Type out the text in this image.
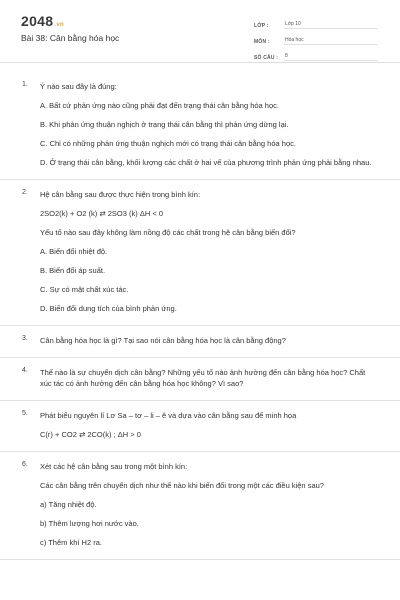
2048.vn
Bài 38: Cân bằng hóa học
LỚP :	Lớp 10
MÔN :	Hóa học
SỐ CÂU :	8
1. Ý nào sau đây là đúng:
A. Bất cứ phản ứng nào cũng phải đạt đến trạng thái cân bằng hóa học.
B. Khi phản ứng thuận nghịch ở trạng thái cân bằng thì phản ứng dừng lại.
C. Chỉ có những phản ứng thuận nghịch mới có trạng thái cân bằng hóa học.
D. Ở trạng thái cân bằng, khối lượng các chất ở hai vế của phương trình phản ứng phải bằng nhau.
2. Hệ cân bằng sau được thực hiện trong bình kín:
2SO2(k) + O2 (k) ⇄ 2SO3 (k) ΔH < 0
Yếu tố nào sau đây không làm nồng độ các chất trong hệ cân bằng biến đổi?
A. Biến đổi nhiệt độ.
B. Biến đổi áp suất.
C. Sự có mặt chất xúc tác.
D. Biến đổi dung tích của bình phản ứng.
3. Cân bằng hóa học là gì? Tại sao nói cân bằng hóa học là cân bằng động?
4. Thế nào là sự chuyển dịch cân bằng? Những yếu tố nào ảnh hưởng đến cân bằng hóa học? Chất xúc tác có ảnh hưởng đến cân bằng hóa học không? Vì sao?
5. Phát biểu nguyên lí Lơ Sa – tơ – li – ê và dựa vào cân bằng sau để minh họa
C(r) + CO2 ⇄ 2CO(k) ; ΔH > 0
6. Xét các hệ cân bằng sau trong một bình kín:
Các cân bằng trên chuyển dịch như thế nào khi biến đổi trong một các điều kiện sau?
a) Tăng nhiệt độ.
b) Thêm lượng hơi nước vào.
c) Thêm khí H2 ra.
